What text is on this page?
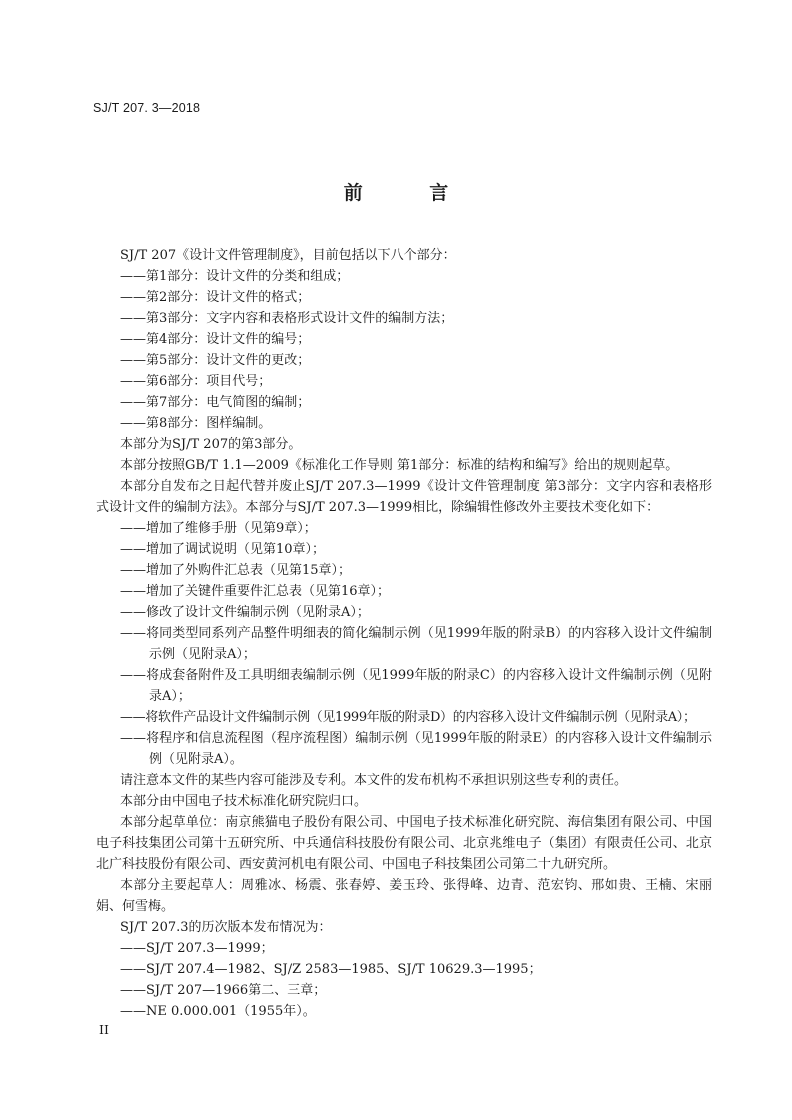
SJ/T 207. 3—2018
前 言

SJ/T 207《设计文件管理制度》，目前包括以下八个部分：

——第1部分：设计文件的分类和组成；

——第2部分：设计文件的格式；

——第3部分：文字内容和表格形式设计文件的编制方法；

——第4部分：设计文件的编号；

——第5部分：设计文件的更改；

——第6部分：项目代号；

——第7部分：电气简图的编制；

——第8部分：图样编制。

本部分为SJ/T 207的第3部分。

本部分按照GB/T 1.1—2009《标准化工作导则 第1部分：标准的结构和编写》给出的规则起草。

本部分自发布之日起代替并废止SJ/T 207.3—1999《设计文件管理制度 第3部分：文字内容和表格形式设计文件的编制方法》。本部分与SJ/T 207.3—1999相比，除编辑性修改外主要技术变化如下：

——增加了维修手册（见第9章）；

——增加了调试说明（见第10章）；

——增加了外购件汇总表（见第15章）；

——增加了关键件重要件汇总表（见第16章）；

——修改了设计文件编制示例（见附录A）；

——将同类型同系列产品整件明细表的简化编制示例（见1999年版的附录B）的内容移入设计文件编制示例（见附录A）；

——将成套备附件及工具明细表编制示例（见1999年版的附录C）的内容移入设计文件编制示例（见附录A）；

——将软件产品设计文件编制示例（见1999年版的附录D）的内容移入设计文件编制示例（见附录A）；

——将程序和信息流程图（程序流程图）编制示例（见1999年版的附录E）的内容移入设计文件编制示例（见附录A）。

请注意本文件的某些内容可能涉及专利。本文件的发布机构不承担识别这些专利的责任。

本部分由中国电子技术标准化研究院归口。

本部分起草单位：南京熊猫电子股份有限公司、中国电子技术标准化研究院、海信集团有限公司、中国电子科技集团公司第十五研究所、中兵通信科技股份有限公司、北京兆维电子（集团）有限责任公司、北京北广科技股份有限公司、西安黄河机电有限公司、中国电子科技集团公司第二十九研究所。

本部分主要起草人：周雅冰、杨震、张春婷、姜玉玲、张得峰、边青、范宏钧、邢如贵、王楠、宋丽娟、何雪梅。

SJ/T 207.3的历次版本发布情况为：

——SJ/T 207.3—1999；

——SJ/T 207.4—1982、SJ/Z 2583—1985、SJ/T 10629.3—1995；

——SJ/T 207—1966第二、三章；

——NE 0.000.001（1955年）。

II
